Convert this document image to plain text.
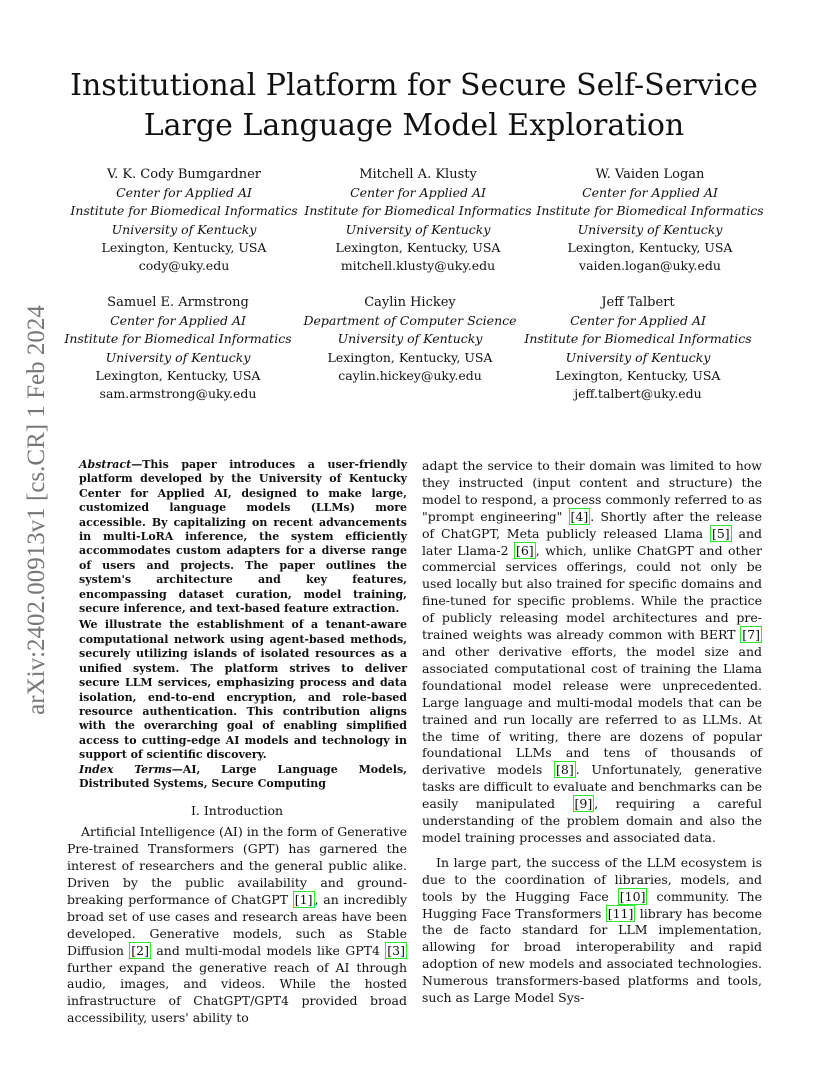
arXiv:2402.00913v1 [cs.CR] 1 Feb 2024
Institutional Platform for Secure Self-Service
Large Language Model Exploration
V. K. Cody Bumgardner
Center for Applied AI
Institute for Biomedical Informatics
University of Kentucky
Lexington, Kentucky, USA
cody@uky.edu
Mitchell A. Klusty
Center for Applied AI
Institute for Biomedical Informatics
University of Kentucky
Lexington, Kentucky, USA
mitchell.klusty@uky.edu
W. Vaiden Logan
Center for Applied AI
Institute for Biomedical Informatics
University of Kentucky
Lexington, Kentucky, USA
vaiden.logan@uky.edu
Samuel E. Armstrong
Center for Applied AI
Institute for Biomedical Informatics
University of Kentucky
Lexington, Kentucky, USA
sam.armstrong@uky.edu
Caylin Hickey
Department of Computer Science
University of Kentucky
Lexington, Kentucky, USA
caylin.hickey@uky.edu
Jeff Talbert
Center for Applied AI
Institute for Biomedical Informatics
University of Kentucky
Lexington, Kentucky, USA
jeff.talbert@uky.edu

Abstract—This paper introduces a user-friendly platform developed by the University of Kentucky Center for Applied AI, designed to make large, customized language models (LLMs) more accessible. By capitalizing on recent advancements in multi-LoRA inference, the system efficiently accommodates custom adapters for a diverse range of users and projects. The paper outlines the system's architecture and key features, encompassing dataset curation, model training, secure inference, and text-based feature extraction.

We illustrate the establishment of a tenant-aware computational network using agent-based methods, securely utilizing islands of isolated resources as a unified system. The platform strives to deliver secure LLM services, emphasizing process and data isolation, end-to-end encryption, and role-based resource authentication. This contribution aligns with the overarching goal of enabling simplified access to cutting-edge AI models and technology in support of scientific discovery.

Index Terms—AI, Large Language Models, Distributed Systems, Secure Computing

I. Introduction

Artificial Intelligence (AI) in the form of Generative Pre-trained Transformers (GPT) has garnered the interest of researchers and the general public alike. Driven by the public availability and ground-breaking performance of ChatGPT [1] , an incredibly broad set of use cases and research areas have been developed. Generative models, such as Stable Diffusion [2] and multi-modal models like GPT4 [3] further expand the generative reach of AI through audio, images, and videos. While the hosted infrastructure of ChatGPT/GPT4 provided broad accessibility, users' ability to

adapt the service to their domain was limited to how they instructed (input content and structure) the model to respond, a process commonly referred to as "prompt engineering" [4] . Shortly after the release of ChatGPT, Meta publicly released Llama [5] and later Llama-2 [6] , which, unlike ChatGPT and other commercial services offerings, could not only be used locally but also trained for specific domains and fine-tuned for specific problems. While the practice of publicly releasing model architectures and pre-trained weights was already common with BERT [7] and other derivative efforts, the model size and associated computational cost of training the Llama foundational model release were unprecedented. Large language and multi-modal models that can be trained and run locally are referred to as LLMs. At the time of writing, there are dozens of popular foundational LLMs and tens of thousands of derivative models [8] . Unfortunately, generative tasks are difficult to evaluate and benchmarks can be easily manipulated [9] , requiring a careful understanding of the problem domain and also the model training processes and associated data.

In large part, the success of the LLM ecosystem is due to the coordination of libraries, models, and tools by the Hugging Face [10] community. The Hugging Face Transformers [11] library has become the de facto standard for LLM implementation, allowing for broad interoperability and rapid adoption of new models and associated technologies. Numerous transformers-based platforms and tools, such as Large Model Sys-
